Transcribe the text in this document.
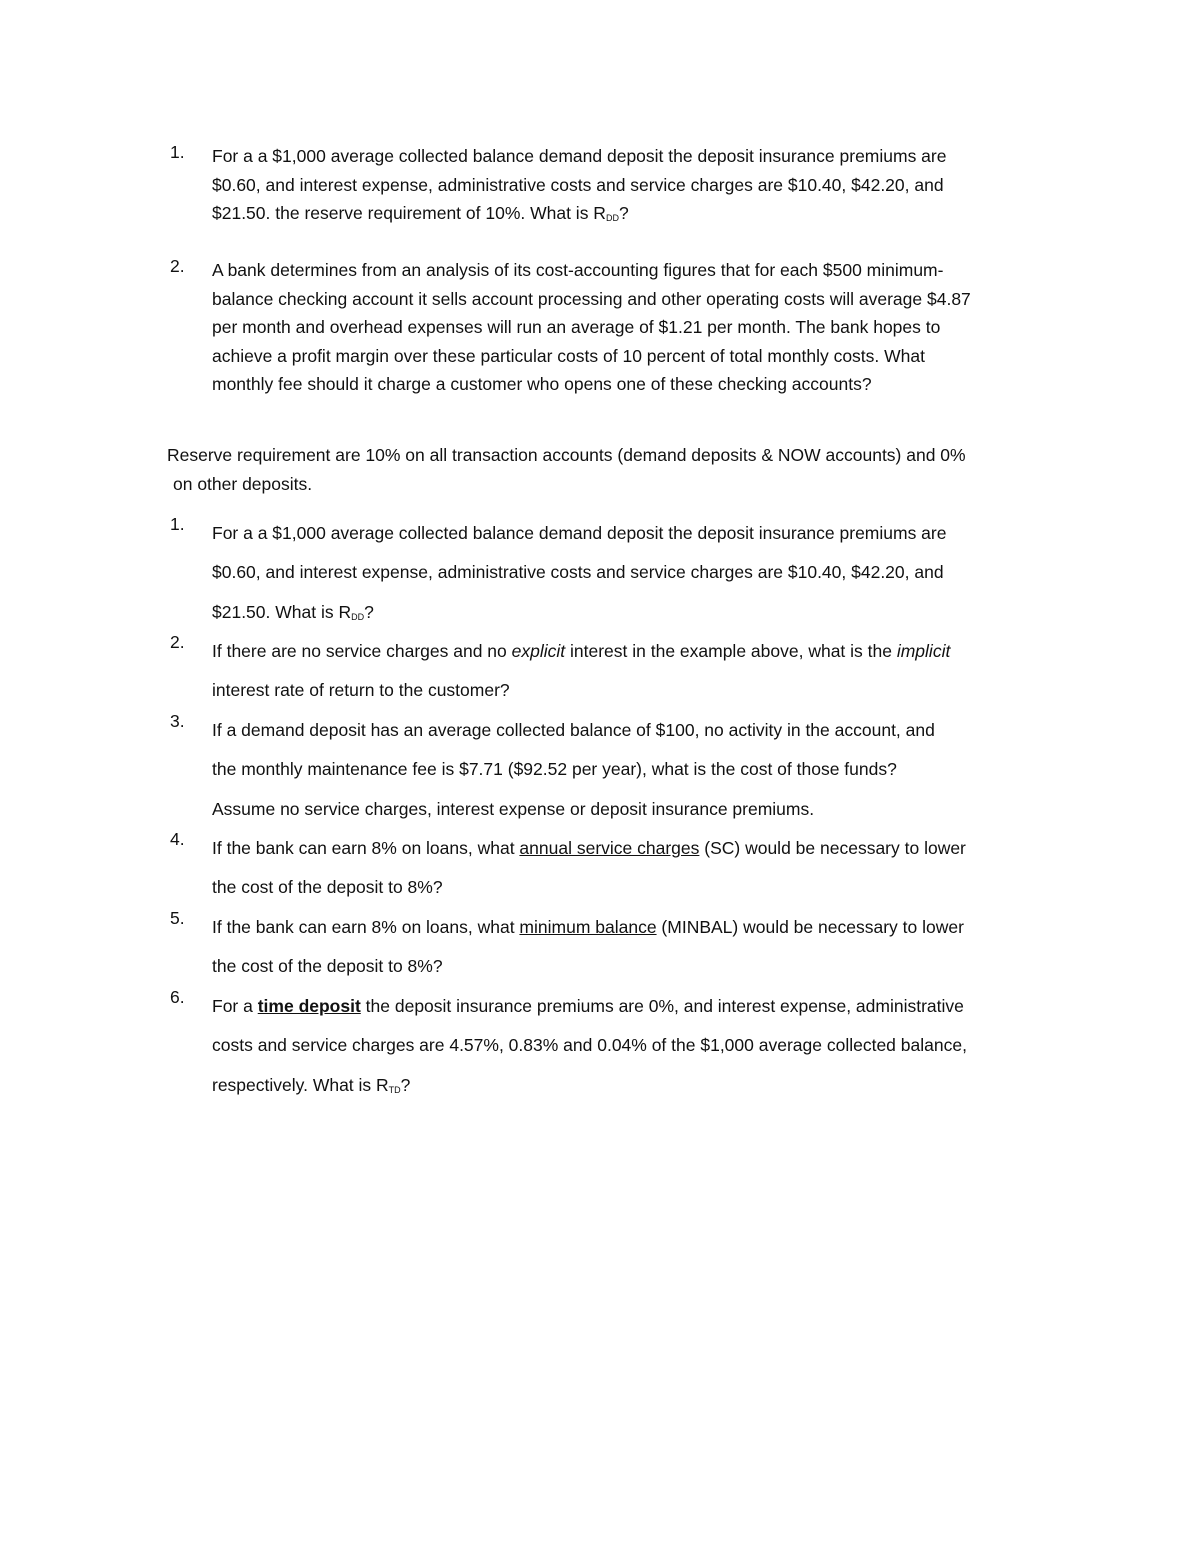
1.	For a a $1,000 average collected balance demand deposit the deposit insurance premiums are
$0.60, and interest expense, administrative costs and service charges are $10.40, $42.20, and
$21.50. the reserve requirement of 10%. What is $R_{DD}$?
2.	A bank determines from an analysis of its cost-accounting figures that for each $500 minimum-
balance checking account it sells account processing and other operating costs will average $4.87
per month and overhead expenses will run an average of $1.21 per month. The bank hopes to
achieve a profit margin over these particular costs of 10 percent of total monthly costs. What
monthly fee should it charge a customer who opens one of these checking accounts?
Reserve requirement are 10% on all transaction accounts (demand deposits & NOW accounts) and 0%
on other deposits.
1.	For a a $1,000 average collected balance demand deposit the deposit insurance premiums are
$0.60, and interest expense, administrative costs and service charges are $10.40, $42.20, and
$21.50. What is $R_{DD}$?
2.	If there are no service charges and no explicit interest in the example above, what is the implicit
interest rate of return to the customer?
3.	If a demand deposit has an average collected balance of $100, no activity in the account, and
the monthly maintenance fee is $7.71 ($92.52 per year), what is the cost of those funds?
Assume no service charges, interest expense or deposit insurance premiums.
4.	If the bank can earn 8% on loans, what annual service charges (SC) would be necessary to lower
the cost of the deposit to 8%?
5.	If the bank can earn 8% on loans, what minimum balance (MINBAL) would be necessary to lower
the cost of the deposit to 8%?
6.	For a time deposit the deposit insurance premiums are 0%, and interest expense, administrative
costs and service charges are 4.57%, 0.83% and 0.04% of the $1,000 average collected balance,
respectively. What is $R_{TD}$?
